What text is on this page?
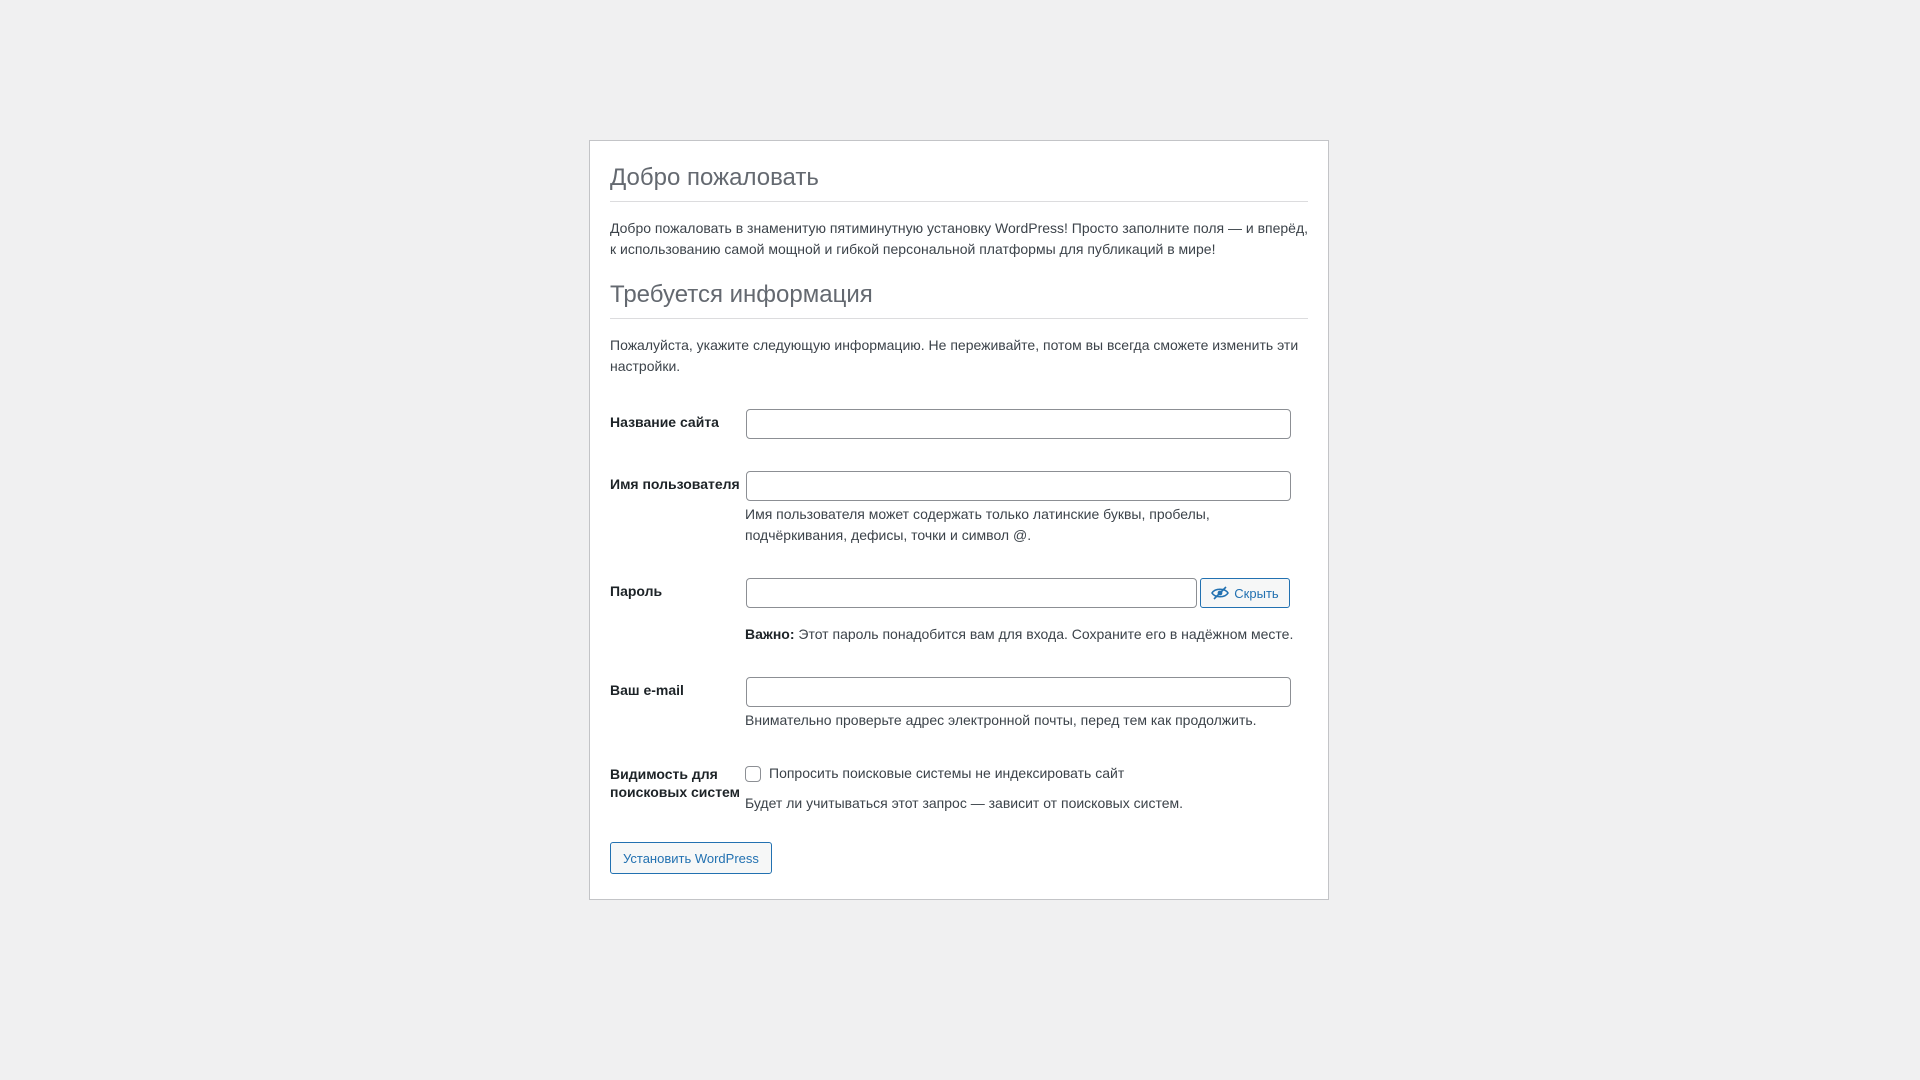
Добро пожаловать

Добро пожаловать в знаменитую пятиминутную установку WordPress! Просто заполните поля — и вперёд, к использованию самой мощной и гибкой персональной платформы для публикаций в мире!

Требуется информация

Пожалуйста, укажите следующую информацию. Не переживайте, потом вы всегда сможете изменить эти настройки.

Название сайта	

Имя пользователя	Имя пользователя может содержать только латинские буквы, пробелы, подчёркивания, дефисы, точки и символ @.

Пароль	Скрыть

Важно: Этот пароль понадобится вам для входа. Сохраните его в надёжном месте.

Ваш e-mail	Внимательно проверьте адрес электронной почты, перед тем как продолжить.

Видимость для поисковых систем	Попросить поисковые системы не индексировать сайт

Будет ли учитываться этот запрос — зависит от поисковых систем.

Установить WordPress
